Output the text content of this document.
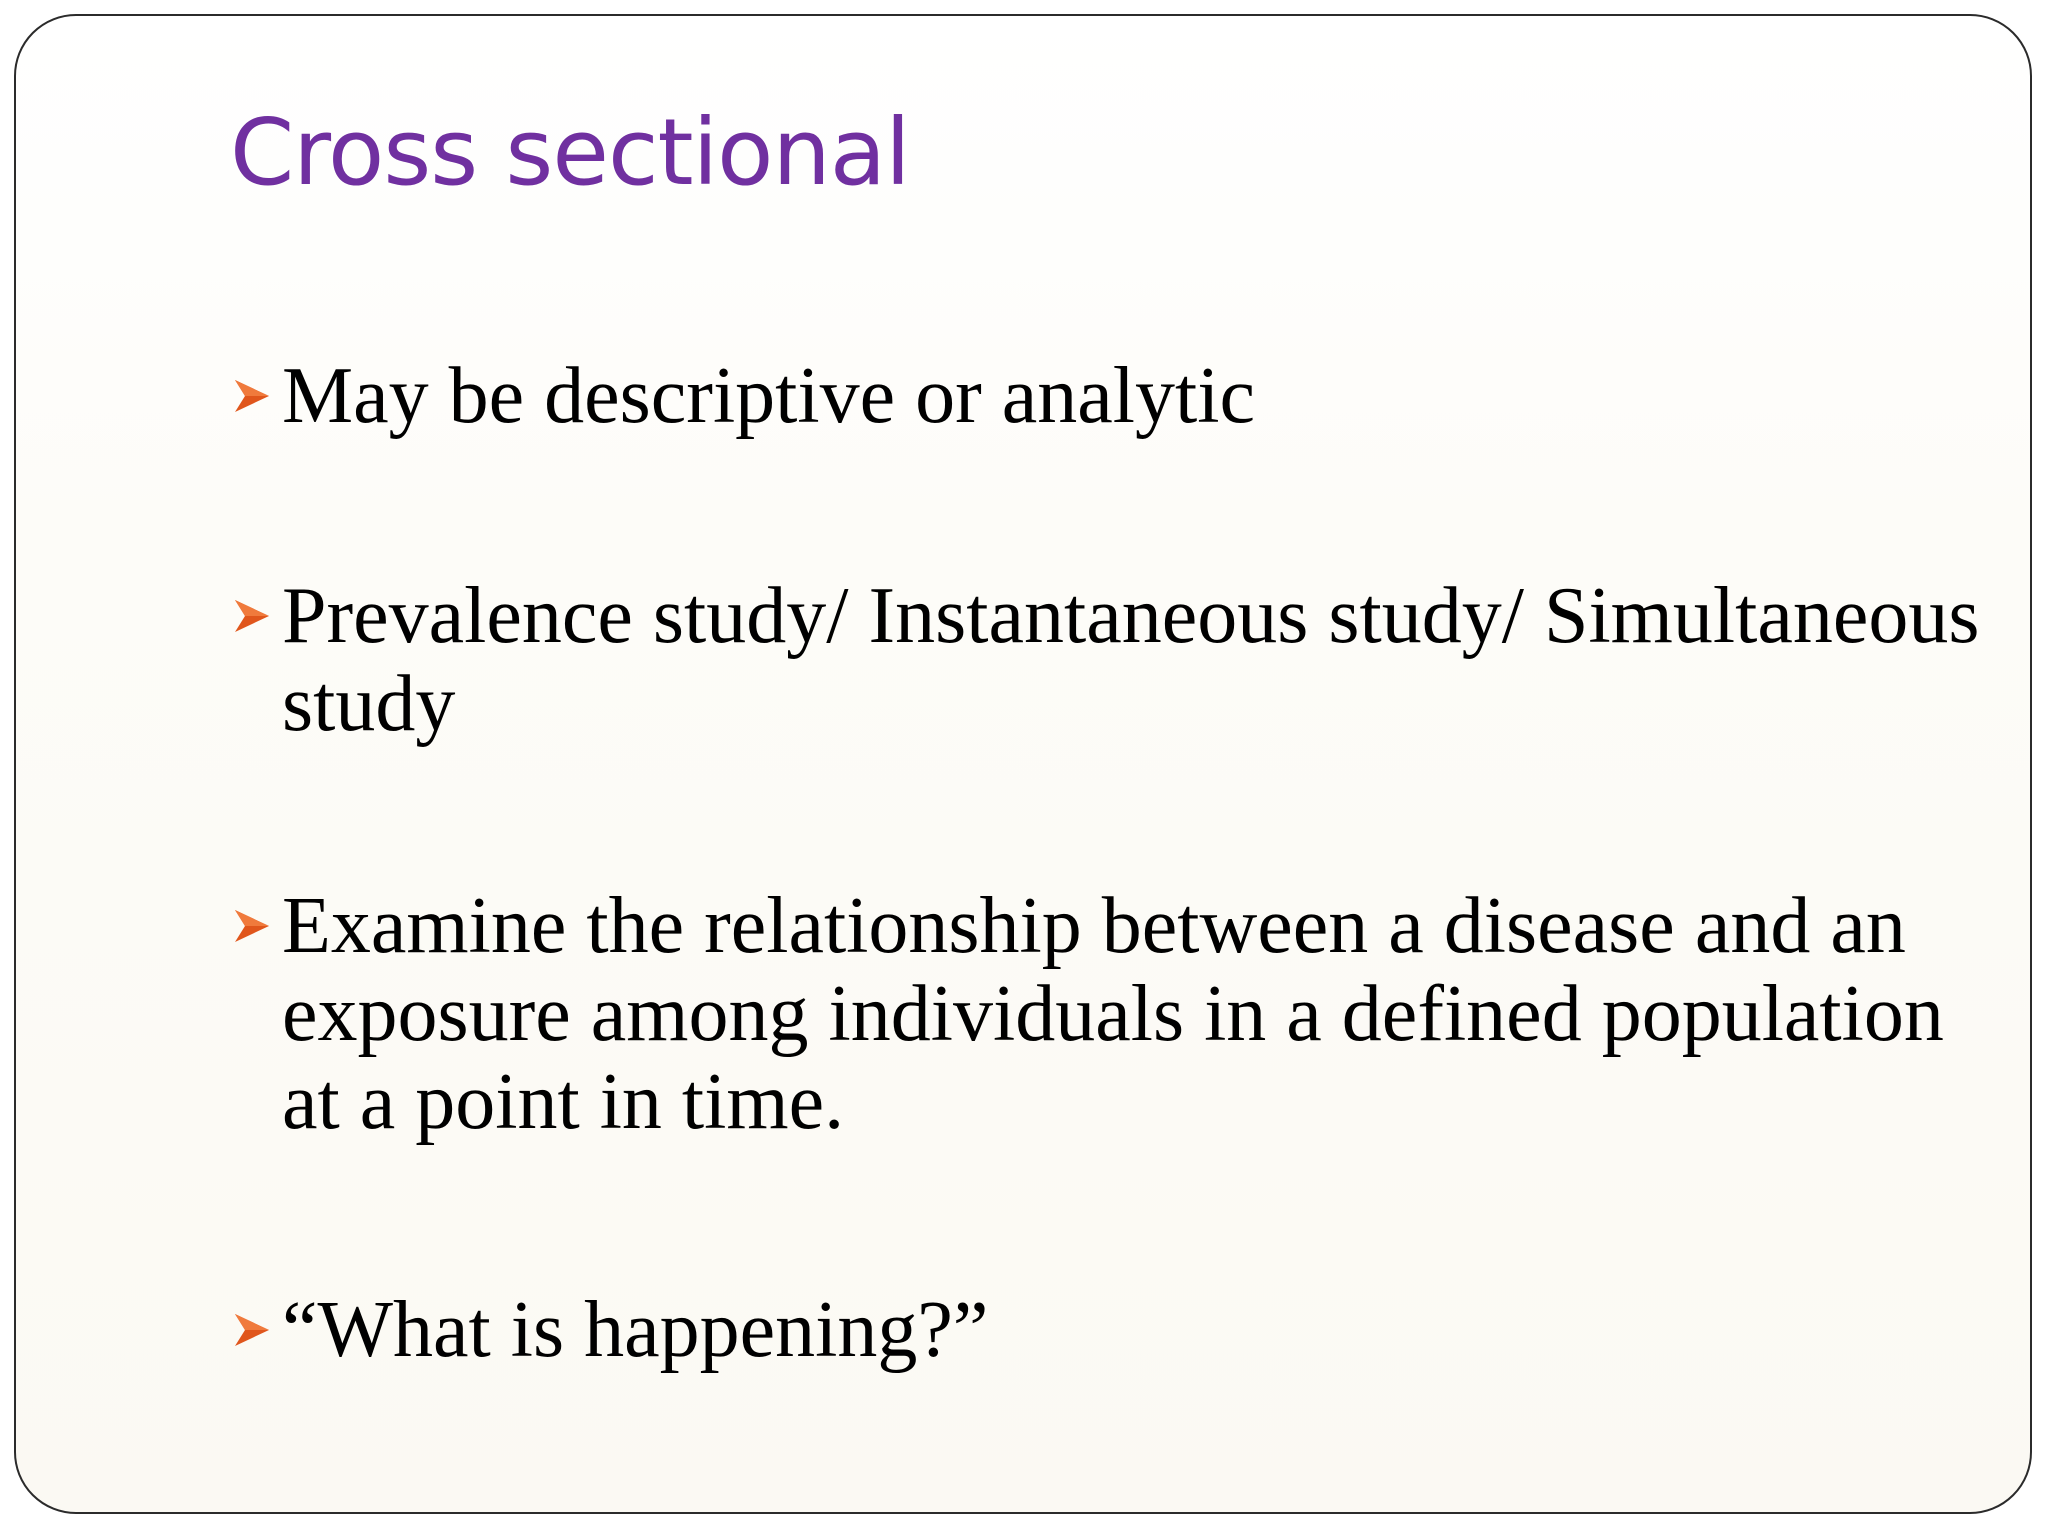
Cross sectional
May be descriptive or analytic
Prevalence study/ Instantaneous study/ Simultaneous study
Examine the relationship between a disease and an exposure among individuals in a defined population at a point in time.
“What is happening?”
